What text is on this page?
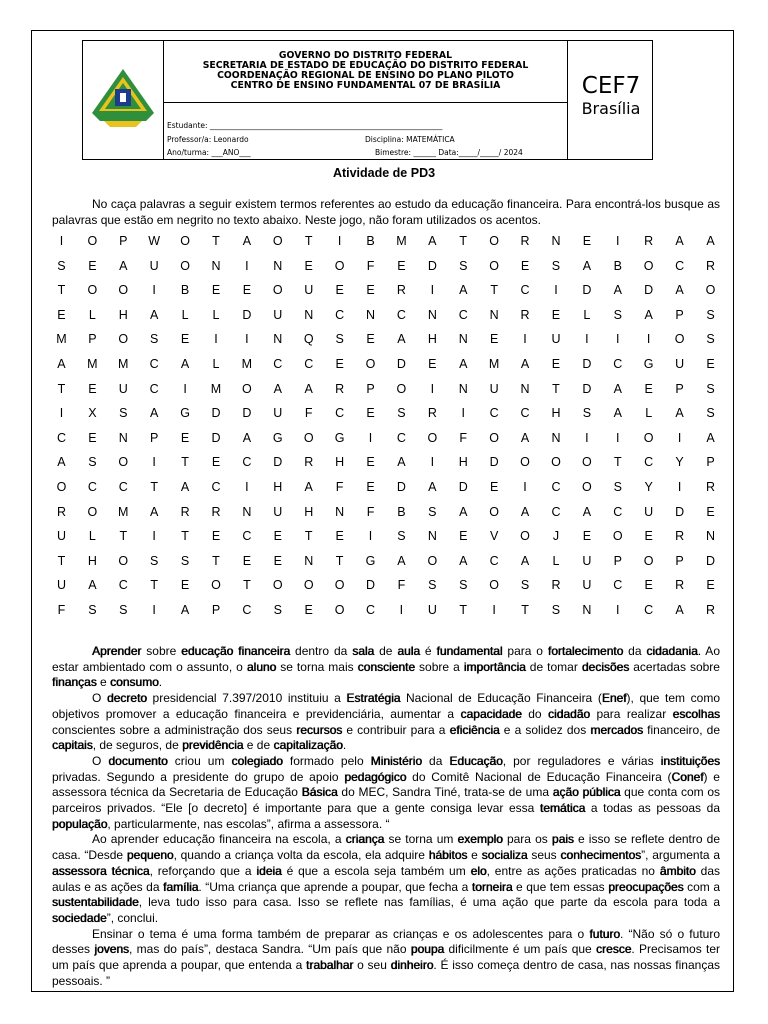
GOVERNO DO DISTRITO FEDERAL
SECRETARIA DE ESTADO DE EDUCAÇÃO DO DISTRITO FEDERAL
COORDENAÇÃO REGIONAL DE ENSINO DO PLANO PILOTO
CENTRO DE ENSINO FUNDAMENTAL 07 DE BRASÍLIA
Estudante: ______________________________________________________________
Professor/a: Leonardo	Disciplina: MATEMÁTICA
Ano/turma: ___ANO___	Bimestre: ______ Data:_____/_____/ 2024
CEF7
Brasília
Atividade de PD3
No caça palavras a seguir existem termos referentes ao estudo da educação financeira. Para encontrá-los busque as palavras que estão em negrito no texto abaixo. Neste jogo, não foram utilizados os acentos.
I	O	P	W	O	T	A	O	T	I	B	M	A	T	O	R	N	E	I	R	A	A
S	E	A	U	O	N	I	N	E	O	F	E	D	S	O	E	S	A	B	O	C	R
T	O	O	I	B	E	E	O	U	E	E	R	I	A	T	C	I	D	A	D	A	O
E	L	H	A	L	L	D	U	N	C	N	C	N	C	N	R	E	L	S	A	P	S
M	P	O	S	E	I	I	N	Q	S	E	A	H	N	E	I	U	I	I	I	O	S
A	M	M	C	A	L	M	C	C	E	O	D	E	A	M	A	E	D	C	G	U	E
T	E	U	C	I	M	O	A	A	R	P	O	I	N	U	N	T	D	A	E	P	S
I	X	S	A	G	D	D	U	F	C	E	S	R	I	C	C	H	S	A	L	A	S
C	E	N	P	E	D	A	G	O	G	I	C	O	F	O	A	N	I	I	O	I	A
A	S	O	I	T	E	C	D	R	H	E	A	I	H	D	O	O	O	T	C	Y	P
O	C	C	T	A	C	I	H	A	F	E	D	A	D	E	I	C	O	S	Y	I	R
R	O	M	A	R	R	N	U	H	N	F	B	S	A	O	A	C	A	C	U	D	E
U	L	T	I	T	E	C	E	T	E	I	S	N	E	V	O	J	E	O	E	R	N
T	H	O	S	S	T	E	E	N	T	G	A	O	A	C	A	L	U	P	O	P	D
U	A	C	T	E	O	T	O	O	O	D	F	S	S	O	S	R	U	C	E	R	E
F	S	S	I	A	P	C	S	E	O	C	I	U	T	I	T	S	N	I	C	A	R

Aprender sobre educação financeira dentro da sala de aula é fundamental para o fortalecimento da cidadania. Ao estar ambientado com o assunto, o aluno se torna mais consciente sobre a importância de tomar decisões acertadas sobre finanças e consumo.

O decreto presidencial 7.397/2010 instituiu a Estratégia Nacional de Educação Financeira (Enef), que tem como objetivos promover a educação financeira e previdenciária, aumentar a capacidade do cidadão para realizar escolhas conscientes sobre a administração dos seus recursos e contribuir para a eficiência e a solidez dos mercados financeiro, de capitais, de seguros, de previdência e de capitalização.

O documento criou um colegiado formado pelo Ministério da Educação, por reguladores e várias instituições privadas. Segundo a presidente do grupo de apoio pedagógico do Comitê Nacional de Educação Financeira (Conef) e assessora técnica da Secretaria de Educação Básica do MEC, Sandra Tiné, trata-se de uma ação pública que conta com os parceiros privados. “Ele [o decreto] é importante para que a gente consiga levar essa temática a todas as pessoas da população, particularmente, nas escolas”, afirma a assessora. “

Ao aprender educação financeira na escola, a criança se torna um exemplo para os pais e isso se reflete dentro de casa. “Desde pequeno, quando a criança volta da escola, ela adquire hábitos e socializa seus conhecimentos”, argumenta a assessora técnica, reforçando que a ideia é que a escola seja também um elo, entre as ações praticadas no âmbito das aulas e as ações da família. “Uma criança que aprende a poupar, que fecha a torneira e que tem essas preocupações com a sustentabilidade, leva tudo isso para casa. Isso se reflete nas famílias, é uma ação que parte da escola para toda a sociedade”, conclui.

Ensinar o tema é uma forma também de preparar as crianças e os adolescentes para o futuro. “Não só o futuro desses jovens, mas do país”, destaca Sandra. “Um país que não poupa dificilmente é um país que cresce. Precisamos ter um país que aprenda a poupar, que entenda a trabalhar o seu dinheiro. É isso começa dentro de casa, nas nossas finanças pessoais. ”
